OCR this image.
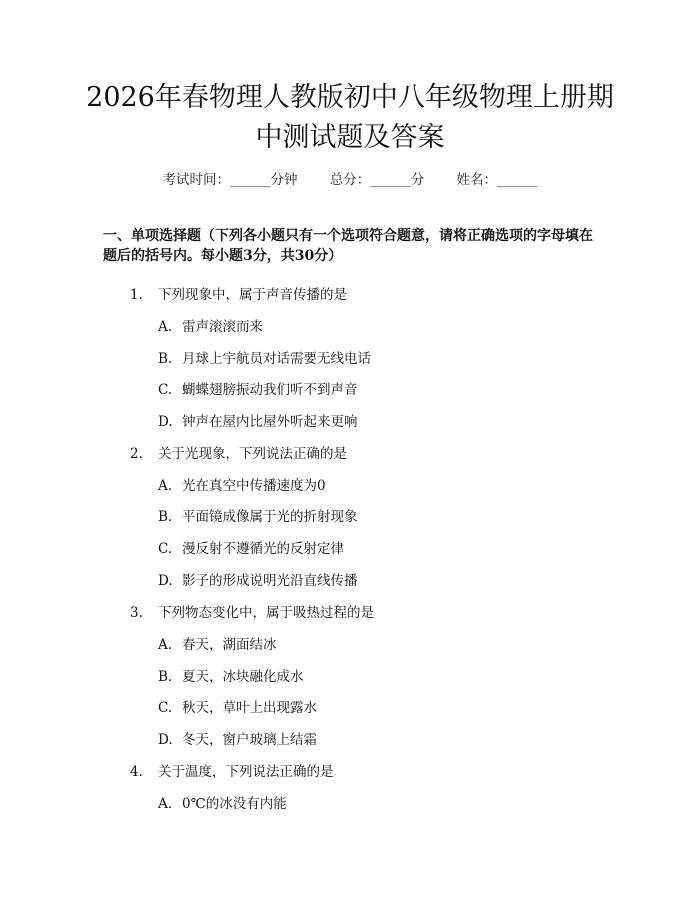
2026年春物理人教版初中八年级物理上册期
中测试题及答案
考试时间：______分钟 总分：______分 姓名：______
一、单项选择题（下列各小题只有一个选项符合题意，请将正确选项的字母填在题后的括号内。每小题3分，共30分）
1. 下列现象中，属于声音传播的是
A. 雷声滚滚而来
B. 月球上宇航员对话需要无线电话
C. 蝴蝶翅膀振动我们听不到声音
D. 钟声在屋内比屋外听起来更响
2. 关于光现象，下列说法正确的是
A. 光在真空中传播速度为0
B. 平面镜成像属于光的折射现象
C. 漫反射不遵循光的反射定律
D. 影子的形成说明光沿直线传播
3. 下列物态变化中，属于吸热过程的是
A. 春天，湖面结冰
B. 夏天，冰块融化成水
C. 秋天，草叶上出现露水
D. 冬天，窗户玻璃上结霜
4. 关于温度，下列说法正确的是
A. 0℃的冰没有内能
